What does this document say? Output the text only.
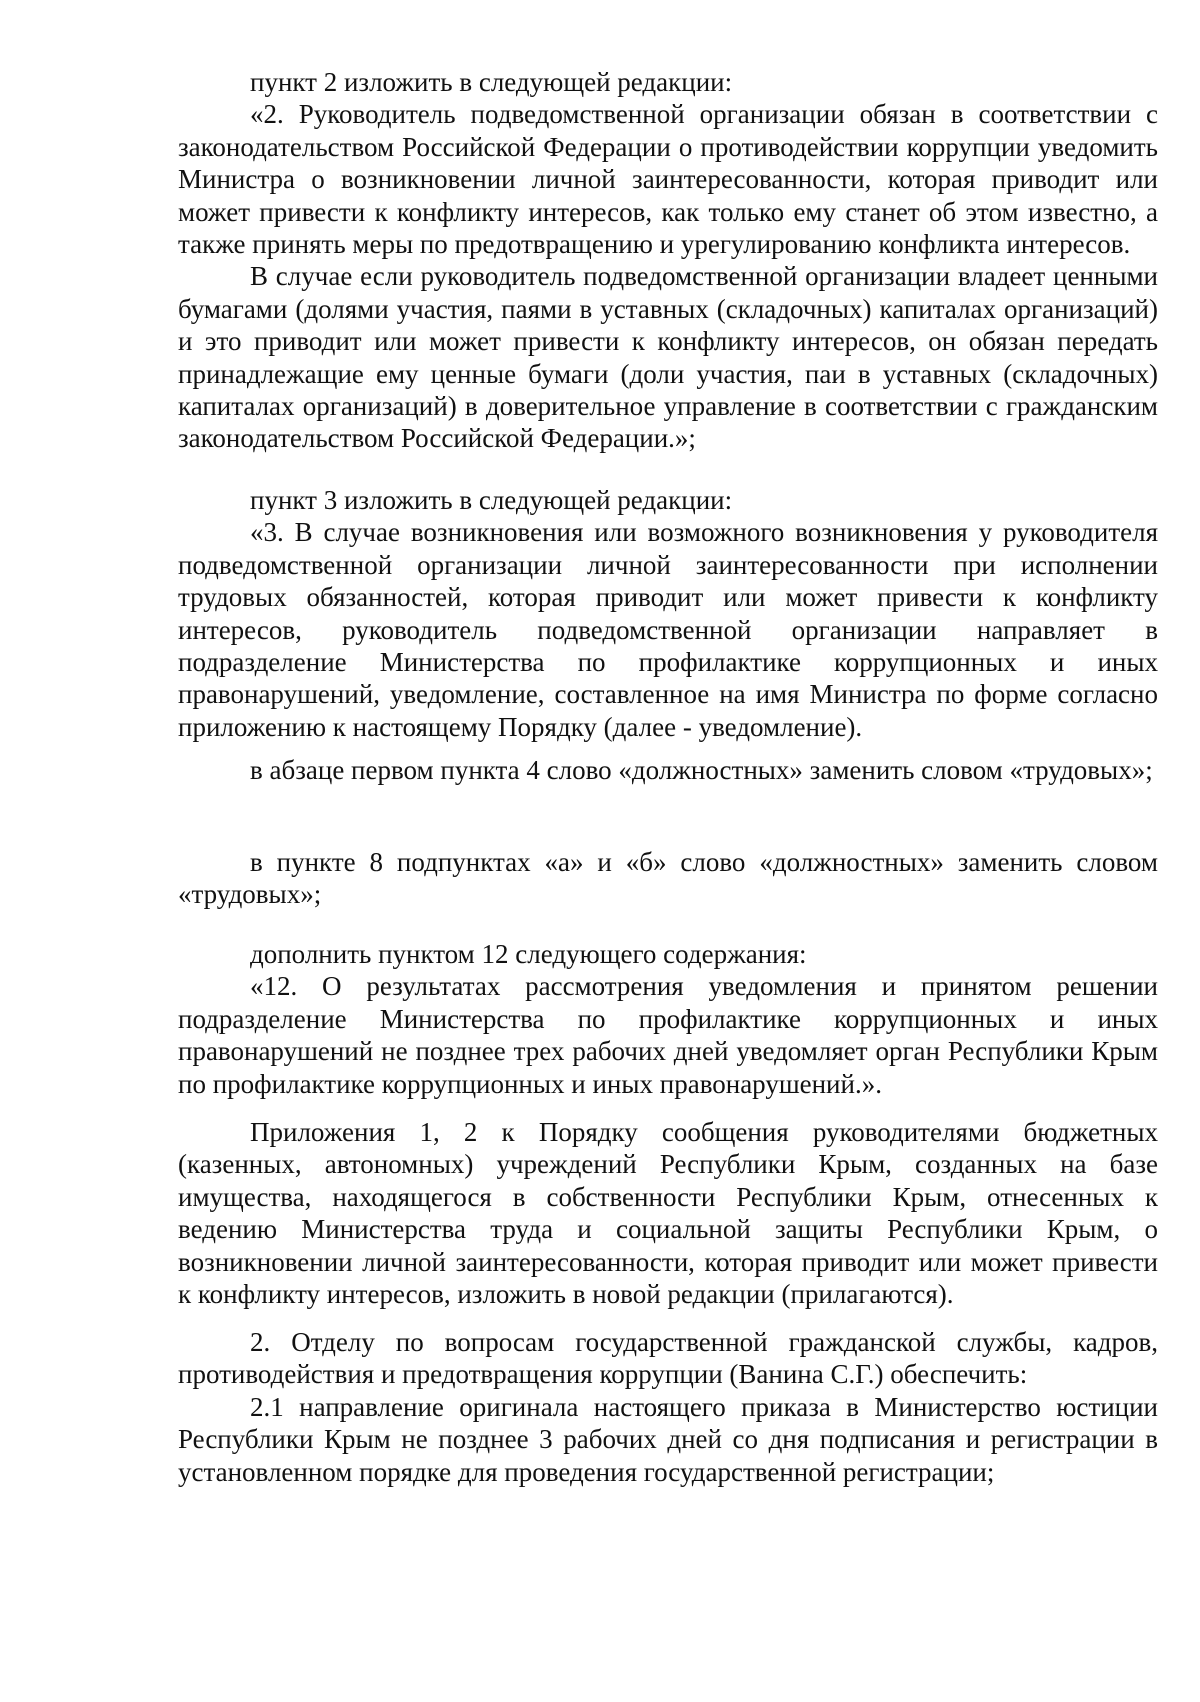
пункт 2 изложить в следующей редакции:

«2. Руководитель подведомственной организации обязан в соответствии с законодательством Российской Федерации о противодействии коррупции уведомить Министра о возникновении личной заинтересованности, которая приводит или может привести к конфликту интересов, как только ему станет об этом известно, а также принять меры по предотвращению и урегулированию конфликта интересов.

В случае если руководитель подведомственной организации владеет ценными бумагами (долями участия, паями в уставных (складочных) капиталах организаций) и это приводит или может привести к конфликту интересов, он обязан передать принадлежащие ему ценные бумаги (доли участия, паи в уставных (складочных) капиталах организаций) в доверительное управление в соответствии с гражданским законодательством Российской Федерации.»;

пункт 3 изложить в следующей редакции:

«3. В случае возникновения или возможного возникновения у руководителя подведомственной организации личной заинтересованности при исполнении трудовых обязанностей, которая приводит или может привести к конфликту интересов, руководитель подведомственной организации направляет в подразделение Министерства по профилактике коррупционных и иных правонарушений, уведомление, составленное на имя Министра по форме согласно приложению к настоящему Порядку (далее - уведомление).

в абзаце первом пункта 4 слово «должностных» заменить словом «трудовых»;

в пункте 8 подпунктах «а» и «б» слово «должностных» заменить словом «трудовых»;

дополнить пунктом 12 следующего содержания:

«12. О результатах рассмотрения уведомления и принятом решении подразделение Министерства по профилактике коррупционных и иных правонарушений не позднее трех рабочих дней уведомляет орган Республики Крым по профилактике коррупционных и иных правонарушений.».

Приложения 1, 2 к Порядку сообщения руководителями бюджетных (казенных, автономных) учреждений Республики Крым, созданных на базе имущества, находящегося в собственности Республики Крым, отнесенных к ведению Министерства труда и социальной защиты Республики Крым, о возникновении личной заинтересованности, которая приводит или может привести к конфликту интересов, изложить в новой редакции (прилагаются).

2. Отделу по вопросам государственной гражданской службы, кадров, противодействия и предотвращения коррупции (Ванина С.Г.) обеспечить:

2.1 направление оригинала настоящего приказа в Министерство юстиции Республики Крым не позднее 3 рабочих дней со дня подписания и регистрации в установленном порядке для проведения государственной регистрации;
